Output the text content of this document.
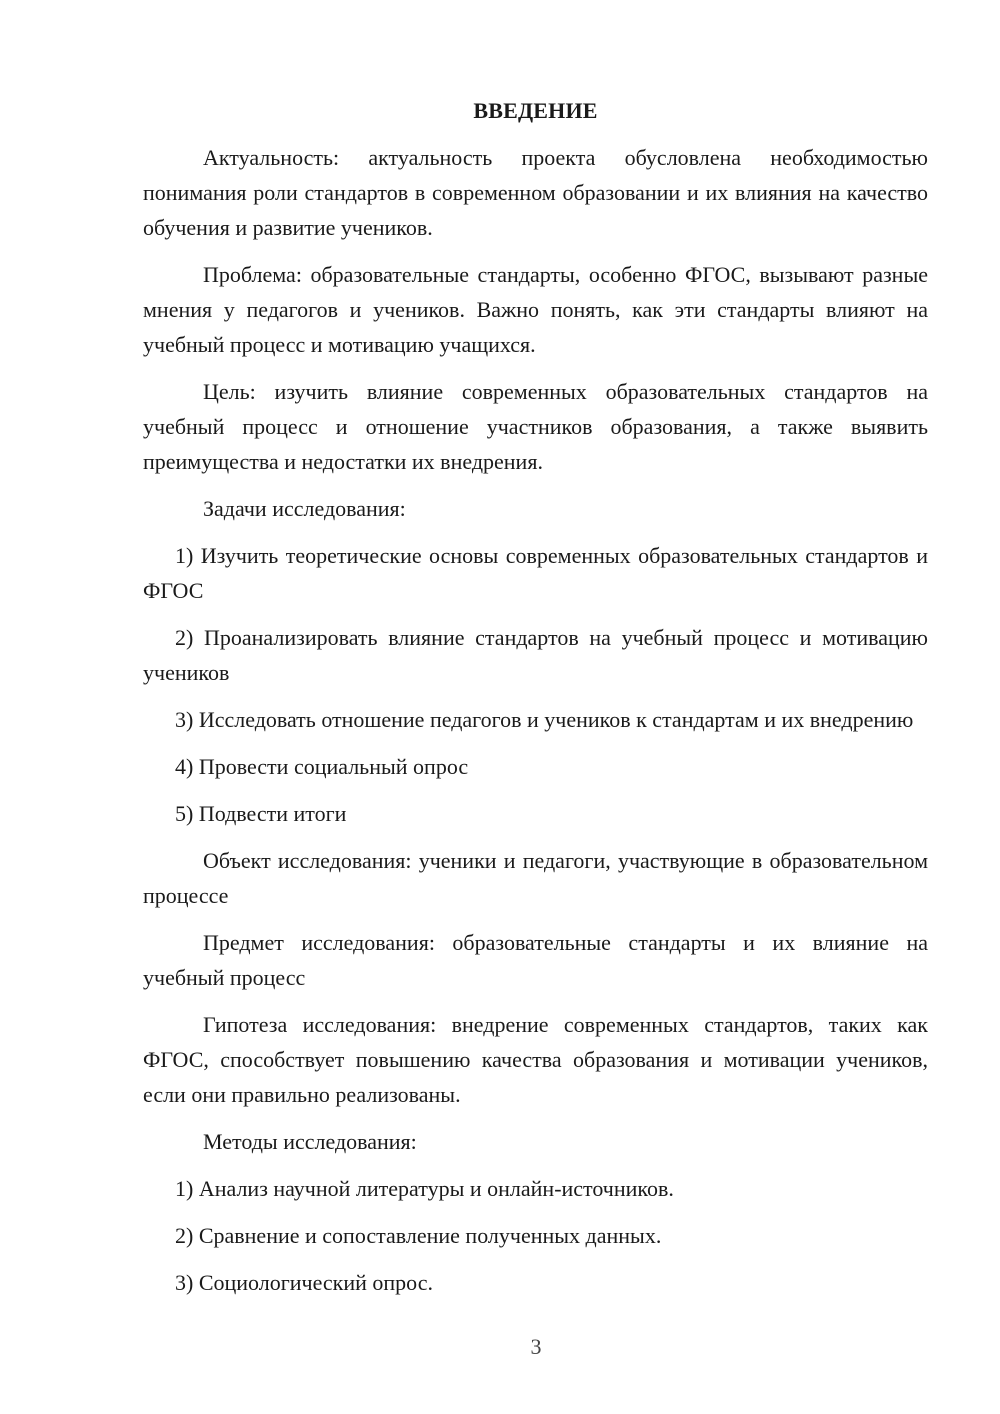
ВВЕДЕНИЕ

Актуальность: актуальность проекта обусловлена необходимостью понимания роли стандартов в современном образовании и их влияния на качество обучения и развитие учеников.

Проблема: образовательные стандарты, особенно ФГОС, вызывают разные мнения у педагогов и учеников. Важно понять, как эти стандарты влияют на учебный процесс и мотивацию учащихся.

Цель: изучить влияние современных образовательных стандартов на учебный процесс и отношение участников образования, а также выявить преимущества и недостатки их внедрения.

Задачи исследования:

1) Изучить теоретические основы современных образовательных стандартов и ФГОС

2) Проанализировать влияние стандартов на учебный процесс и мотивацию учеников

3) Исследовать отношение педагогов и учеников к стандартам и их внедрению

4) Провести социальный опрос

5) Подвести итоги

Объект исследования: ученики и педагоги, участвующие в образовательном процессе

Предмет исследования: образовательные стандарты и их влияние на учебный процесс

Гипотеза исследования: внедрение современных стандартов, таких как ФГОС, способствует повышению качества образования и мотивации учеников, если они правильно реализованы.

Методы исследования:

1) Анализ научной литературы и онлайн-источников.

2) Сравнение и сопоставление полученных данных.

3) Социологический опрос.

3
